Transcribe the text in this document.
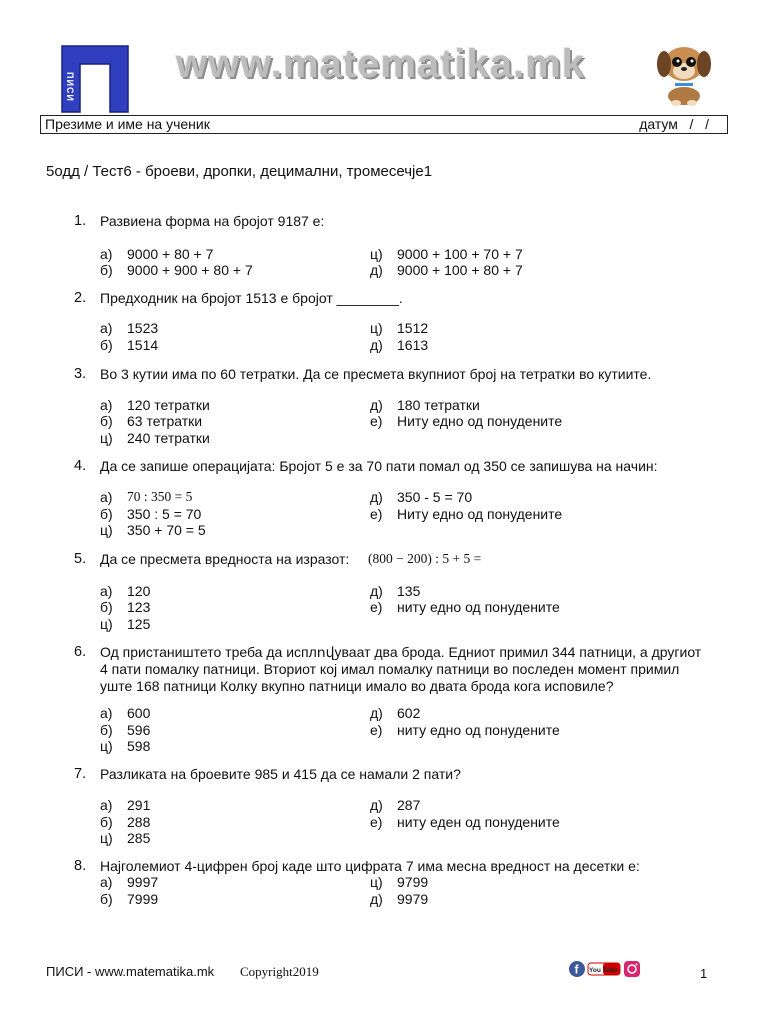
ПИСИ
www.matematika.mk
Презиме и име на ученик	датум   /   /
5одд / Тест6 - броеви, дропки, децимални, тромесечје1
1. Развиена форма на бројот 9187 е:
а) 9000 + 80 + 7
б) 9000 + 900 + 80 + 7
ц) 9000 + 100 + 70 + 7
д) 9000 + 100 + 80 + 7
2. Предходник на бројот 1513 е бројот ________.
а) 1523
б) 1514
ц) 1512
д) 1613
3. Во 3 кутии има по 60 тетратки. Да се пресмета вкупниот број на тетратки во кутиите.
а) 120 тетратки
б) 63 тетратки
ц) 240 тетратки
д) 180 тетратки
е) Ниту едно од понудените
4. Да се запише операцијата: Бројот 5 е за 70 пати помал од 350 се запишува на начин:
а) 70 : 350 = 5
б) 350 : 5 = 70
ц) 350 + 70 = 5
д) 350 - 5 = 70
е) Ниту едно од понудените
5. Да се пресмета вредноста на изразот:	(800 − 200) : 5 + 5 =
а) 120
б) 123
ц) 125
д) 135
е) ниту едно од понудените
6. Од пристаништето треба да исплովуваат два брода. Едниот примил 344 патници, а другиот
4 пати помалку патници. Вториот кој имал помалку патници во последен момент примил
уште 168 патници Колку вкупно патници имало во двата брода кога исповиле?
а) 600
б) 596
ц) 598
д) 602
е) ниту едно од понудените
7. Разликата на броевите 985 и 415 да се намали 2 пати?
а) 291
б) 288
ц) 285
д) 287
е) ниту еден од понудените
8. Најголемиот 4-цифрен број каде што цифрата 7 има месна вредност на десетки е:
а) 9997
б) 7999
ц) 9799
д) 9979
ПИСИ - www.matematika.mk Copyright2019	f You Tube	1
